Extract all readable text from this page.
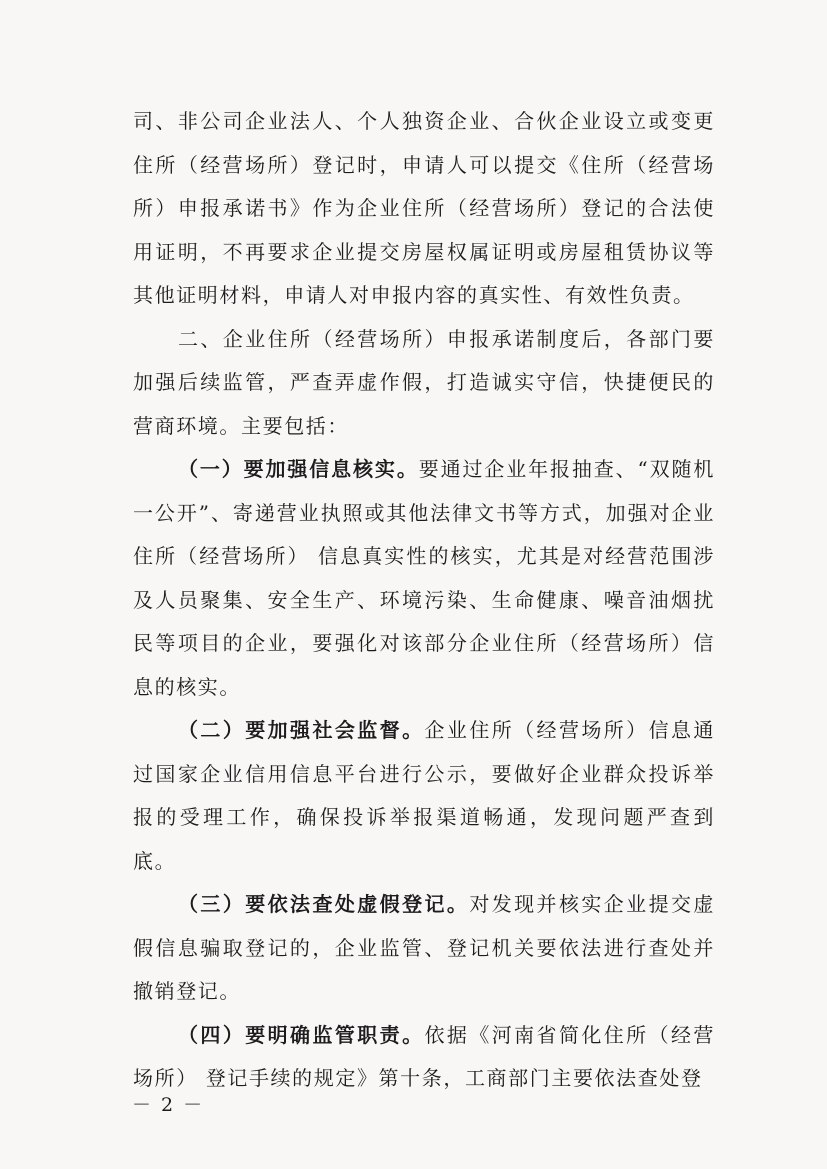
司、非公司企业法人、个人独资企业、合伙企业设立或变更住所（经营场所）登记时，申请人可以提交《住所（经营场所）申报承诺书》作为企业住所（经营场所）登记的合法使用证明，不再要求企业提交房屋权属证明或房屋租赁协议等其他证明材料，申请人对申报内容的真实性、有效性负责。

二、企业住所（经营场所）申报承诺制度后，各部门要加强后续监管，严查弄虚作假，打造诚实守信，快捷便民的营商环境。主要包括：

（一）要加强信息核实。要通过企业年报抽查、“双随机一公开”、寄递营业执照或其他法律文书等方式，加强对企业住所（经营场所） 信息真实性的核实，尤其是对经营范围涉及人员聚集、安全生产、环境污染、生命健康、噪音油烟扰民等项目的企业，要强化对该部分企业住所（经营场所）信息的核实。

（二）要加强社会监督。企业住所（经营场所）信息通过国家企业信用信息平台进行公示，要做好企业群众投诉举报的受理工作，确保投诉举报渠道畅通，发现问题严查到底。

（三）要依法查处虚假登记。对发现并核实企业提交虚假信息骗取登记的，企业监管、登记机关要依法进行查处并撤销登记。

（四）要明确监管职责。依据《河南省简化住所（经营场所） 登记手续的规定》第十条，工商部门主要依法查处登

－ 2 －
